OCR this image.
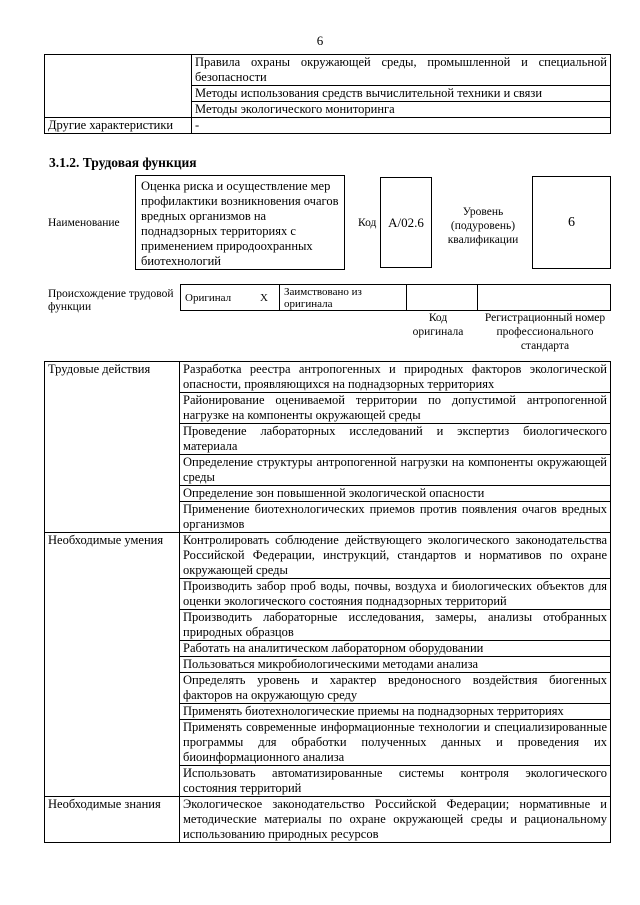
6
	Правила охраны окружающей среды, промышленной и специальной безопасности
	Методы использования средств вычислительной техники и связи
	Методы экологического мониторинга
Другие характеристики	-
3.1.2. Трудовая функция
Наименование
Оценка риска и осуществление мер профилактики возникновения очагов вредных организмов на поднадзорных территориях с применением природоохранных биотехнологий
Код A/02.6
Уровень (подуровень) квалификации
6
Происхождение трудовой функции
Оригинал	X	Заимствовано из оригинала		
Код оригинала
Регистрационный номер профессионального стандарта
Трудовые действия	Разработка реестра антропогенных и природных факторов экологической опасности, проявляющихся на поднадзорных территориях
	Районирование оцениваемой территории по допустимой антропогенной нагрузке на компоненты окружающей среды
	Проведение лабораторных исследований и экспертиз биологического материала
	Определение структуры антропогенной нагрузки на компоненты окружающей среды
	Определение зон повышенной экологической опасности
	Применение биотехнологических приемов против появления очагов вредных организмов
Необходимые умения	Контролировать соблюдение действующего экологического законодательства Российской Федерации, инструкций, стандартов и нормативов по охране окружающей среды
	Производить забор проб воды, почвы, воздуха и биологических объектов для оценки экологического состояния поднадзорных территорий
	Производить лабораторные исследования, замеры, анализы отобранных природных образцов
	Работать на аналитическом лабораторном оборудовании
	Пользоваться микробиологическими методами анализа
	Определять уровень и характер вредоносного воздействия биогенных факторов на окружающую среду
	Применять биотехнологические приемы на поднадзорных территориях
	Применять современные информационные технологии и специализированные программы для обработки полученных данных и проведения их биоинформационного анализа
	Использовать автоматизированные системы контроля экологического состояния территорий
Необходимые знания	Экологическое законодательство Российской Федерации; нормативные и методические материалы по охране окружающей среды и рациональному использованию природных ресурсов
